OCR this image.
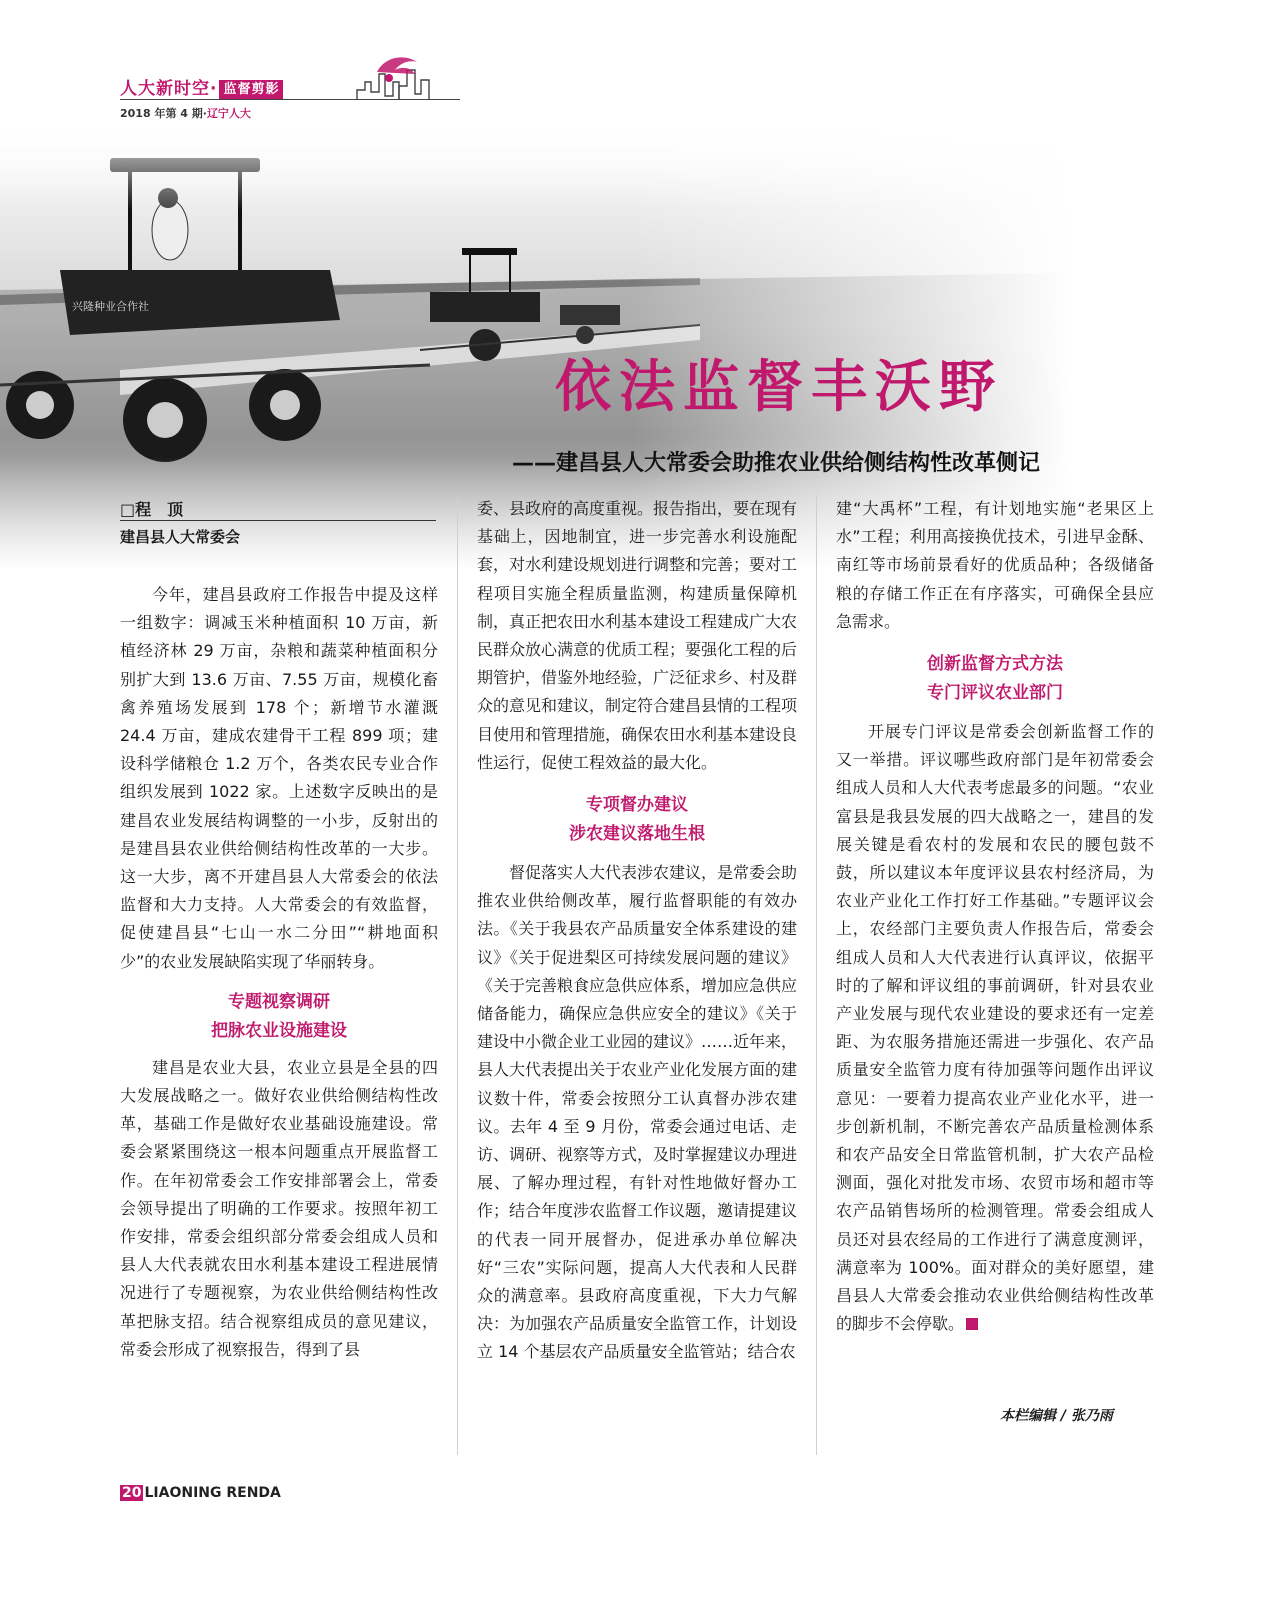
人大新时空· 监督剪影
2018 年第 4 期·辽宁人大
依法监督丰沃野
——建昌县人大常委会助推农业供给侧结构性改革侧记
□程　顶
建昌县人大常委会

今年，建昌县政府工作报告中提及这样一组数字：调减玉米种植面积 10 万亩，新植经济林 29 万亩，杂粮和蔬菜种植面积分别扩大到 13.6 万亩、7.55 万亩，规模化畜禽养殖场发展到 178 个；新增节水灌溉 24.4 万亩，建成农建骨干工程 899 项；建设科学储粮仓 1.2 万个，各类农民专业合作组织发展到 1022 家。上述数字反映出的是建昌农业发展结构调整的一小步，反射出的是建昌县农业供给侧结构性改革的一大步。这一大步，离不开建昌县人大常委会的依法监督和大力支持。人大常委会的有效监督，促使建昌县“七山一水二分田”“耕地面积少”的农业发展缺陷实现了华丽转身。

专题视察调研
把脉农业设施建设

建昌是农业大县，农业立县是全县的四大发展战略之一。做好农业供给侧结构性改革，基础工作是做好农业基础设施建设。常委会紧紧围绕这一根本问题重点开展监督工作。在年初常委会工作安排部署会上，常委会领导提出了明确的工作要求。按照年初工作安排，常委会组织部分常委会组成人员和县人大代表就农田水利基本建设工程进展情况进行了专题视察，为农业供给侧结构性改革把脉支招。结合视察组成员的意见建议，常委会形成了视察报告，得到了县

委、县政府的高度重视。报告指出，要在现有基础上，因地制宜，进一步完善水利设施配套，对水利建设规划进行调整和完善；要对工程项目实施全程质量监测，构建质量保障机制，真正把农田水利基本建设工程建成广大农民群众放心满意的优质工程；要强化工程的后期管护，借鉴外地经验，广泛征求乡、村及群众的意见和建议，制定符合建昌县情的工程项目使用和管理措施，确保农田水利基本建设良性运行，促使工程效益的最大化。

专项督办建议
涉农建议落地生根

督促落实人大代表涉农建议，是常委会助推农业供给侧改革，履行监督职能的有效办法。《关于我县农产品质量安全体系建设的建议》《关于促进梨区可持续发展问题的建议》《关于完善粮食应急供应体系，增加应急供应储备能力，确保应急供应安全的建议》《关于建设中小微企业工业园的建议》……近年来，县人大代表提出关于农业产业化发展方面的建议数十件，常委会按照分工认真督办涉农建议。去年 4 至 9 月份，常委会通过电话、走访、调研、视察等方式，及时掌握建议办理进展、了解办理过程，有针对性地做好督办工作；结合年度涉农监督工作议题，邀请提建议的代表一同开展督办，促进承办单位解决好“三农”实际问题，提高人大代表和人民群众的满意率。县政府高度重视，下大力气解决：为加强农产品质量安全监管工作，计划设立 14 个基层农产品质量安全监管站；结合农

建“大禹杯”工程，有计划地实施“老果区上水”工程；利用高接换优技术，引进早金酥、南红等市场前景看好的优质品种；各级储备粮的存储工作正在有序落实，可确保全县应急需求。

创新监督方式方法
专门评议农业部门

开展专门评议是常委会创新监督工作的又一举措。评议哪些政府部门是年初常委会组成人员和人大代表考虑最多的问题。“农业富县是我县发展的四大战略之一，建昌的发展关键是看农村的发展和农民的腰包鼓不鼓，所以建议本年度评议县农村经济局，为农业产业化工作打好工作基础。”专题评议会上，农经部门主要负责人作报告后，常委会组成人员和人大代表进行认真评议，依据平时的了解和评议组的事前调研，针对县农业产业发展与现代农业建设的要求还有一定差距、为农服务措施还需进一步强化、农产品质量安全监管力度有待加强等问题作出评议意见：一要着力提高农业产业化水平，进一步创新机制，不断完善农产品质量检测体系和农产品安全日常监管机制，扩大农产品检测面，强化对批发市场、农贸市场和超市等农产品销售场所的检测管理。常委会组成人员还对县农经局的工作进行了满意度测评，满意率为 100%。面对群众的美好愿望，建昌县人大常委会推动农业供给侧结构性改革的脚步不会停歇。

本栏编辑 / 张乃雨
20 LIAONING RENDA
